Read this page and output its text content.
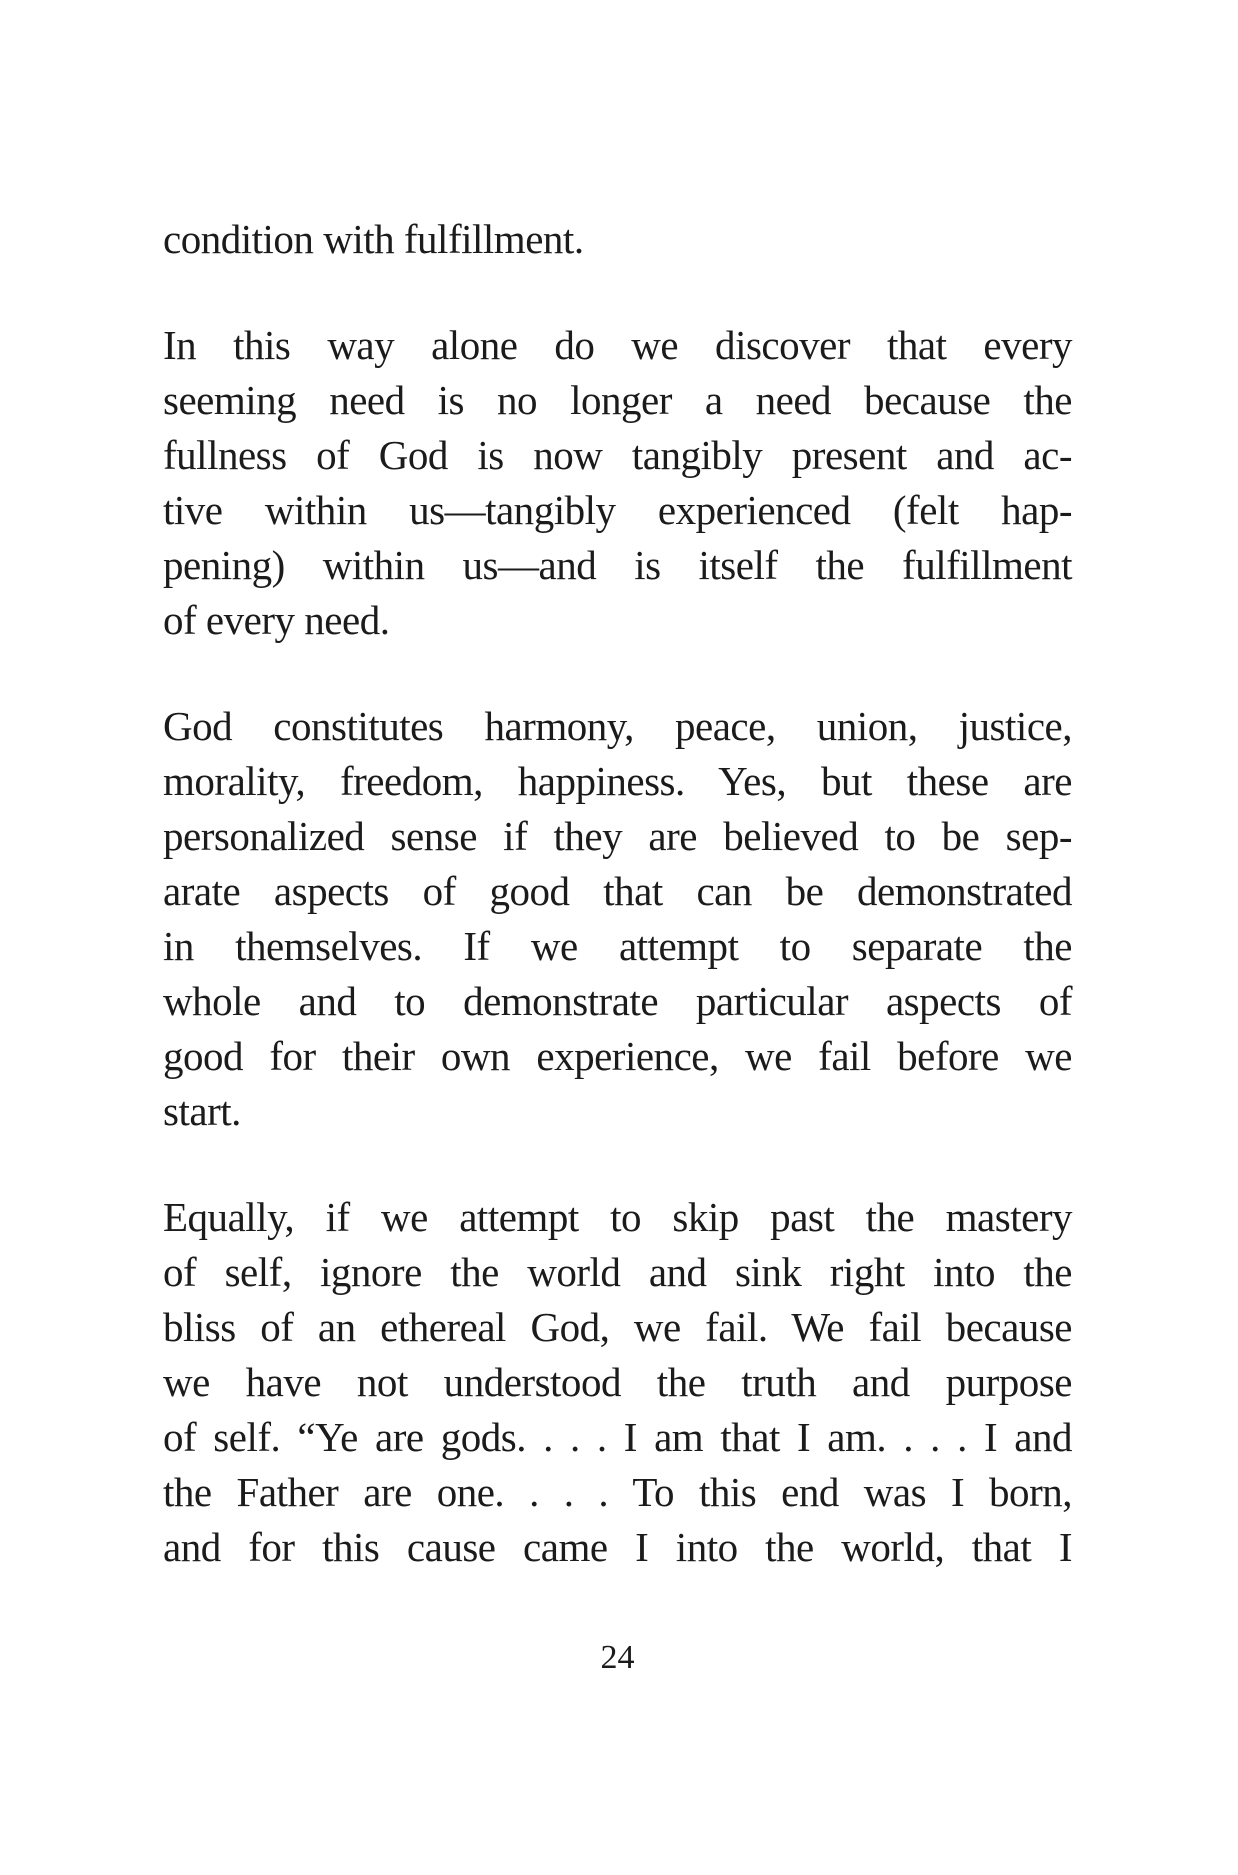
condition with fulfillment.
In this way alone do we discover that every
seeming need is no longer a need because the
fullness of God is now tangibly present and ac-
tive within us—tangibly experienced (felt hap-
pening) within us—and is itself the fulfillment
of every need.
God constitutes harmony, peace, union, justice,
morality, freedom, happiness. Yes, but these are
personalized sense if they are believed to be sep-
arate aspects of good that can be demonstrated
in themselves. If we attempt to separate the
whole and to demonstrate particular aspects of
good for their own experience, we fail before we
start.
Equally, if we attempt to skip past the mastery
of self, ignore the world and sink right into the
bliss of an ethereal God, we fail. We fail because
we have not understood the truth and purpose
of self. “Ye are gods. . . . I am that I am. . . . I and
the Father are one. . . . To this end was I born,
and for this cause came I into the world, that I
24
